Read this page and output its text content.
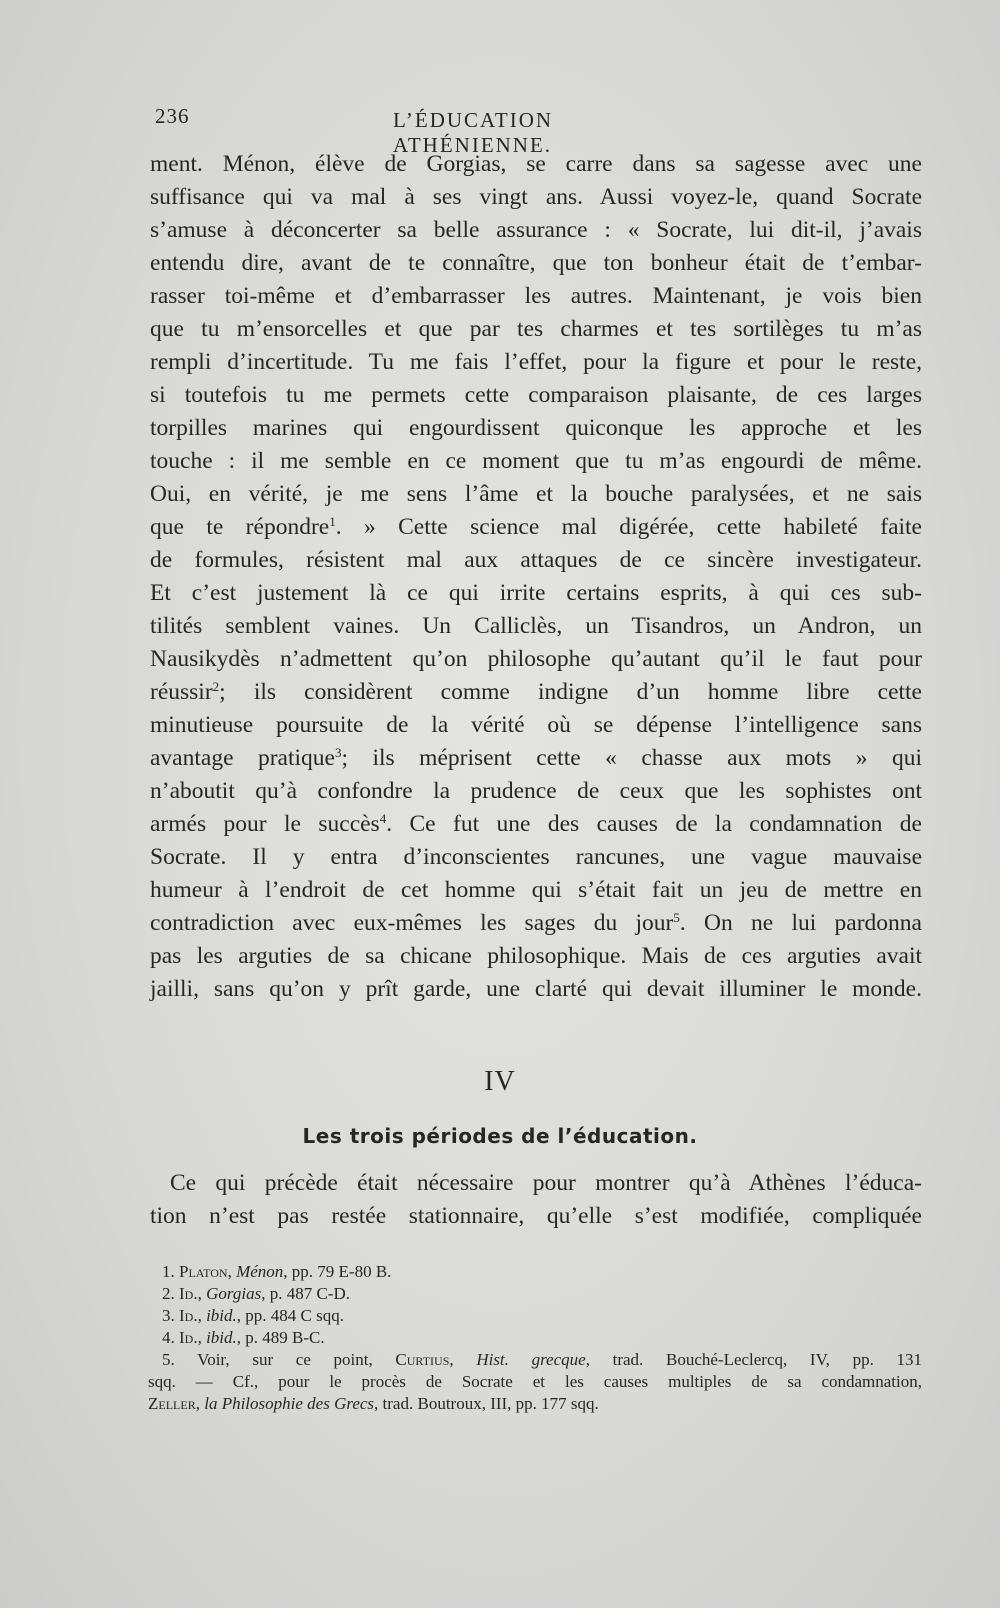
236	L’ÉDUCATION ATHÉNIENNE.
ment. Ménon, élève de Gorgias, se carre dans sa sagesse avec une
suffisance qui va mal à ses vingt ans. Aussi voyez-le, quand Socrate
s’amuse à déconcerter sa belle assurance : « Socrate, lui dit-il, j’avais
entendu dire, avant de te connaître, que ton bonheur était de t’embar-
rasser toi-même et d’embarrasser les autres. Maintenant, je vois bien
que tu m’ensorcelles et que par tes charmes et tes sortilèges tu m’as
rempli d’incertitude. Tu me fais l’effet, pour la figure et pour le reste,
si toutefois tu me permets cette comparaison plaisante, de ces larges
torpilles marines qui engourdissent quiconque les approche et les
touche : il me semble en ce moment que tu m’as engourdi de même.
Oui, en vérité, je me sens l’âme et la bouche paralysées, et ne sais
que te répondre$^1$. » Cette science mal digérée, cette habileté faite
de formules, résistent mal aux attaques de ce sincère investigateur.
Et c’est justement là ce qui irrite certains esprits, à qui ces sub-
tilités semblent vaines. Un Calliclès, un Tisandros, un Andron, un
Nausikydès n’admettent qu’on philosophe qu’autant qu’il le faut pour
réussir$^2$; ils considèrent comme indigne d’un homme libre cette
minutieuse poursuite de la vérité où se dépense l’intelligence sans
avantage pratique$^3$; ils méprisent cette « chasse aux mots » qui
n’aboutit qu’à confondre la prudence de ceux que les sophistes ont
armés pour le succès$^4$. Ce fut une des causes de la condamnation de
Socrate. Il y entra d’inconscientes rancunes, une vague mauvaise
humeur à l’endroit de cet homme qui s’était fait un jeu de mettre en
contradiction avec eux-mêmes les sages du jour$^5$. On ne lui pardonna
pas les arguties de sa chicane philosophique. Mais de ces arguties avait
jailli, sans qu’on y prît garde, une clarté qui devait illuminer le monde.
IV
Les trois périodes de l’éducation.
Ce qui précède était nécessaire pour montrer qu’à Athènes l’éduca-
tion n’est pas restée stationnaire, qu’elle s’est modifiée, compliquée
1. Platon, Ménon, pp. 79 E-80 B.
2. Id., Gorgias, p. 487 C-D.
3. Id., ibid., pp. 484 C sqq.
4. Id., ibid., p. 489 B-C.
5. Voir, sur ce point, Curtius, Hist. grecque, trad. Bouché-Leclercq, IV, pp. 131
sqq. — Cf., pour le procès de Socrate et les causes multiples de sa condamnation,
Zeller, la Philosophie des Grecs, trad. Boutroux, III, pp. 177 sqq.
